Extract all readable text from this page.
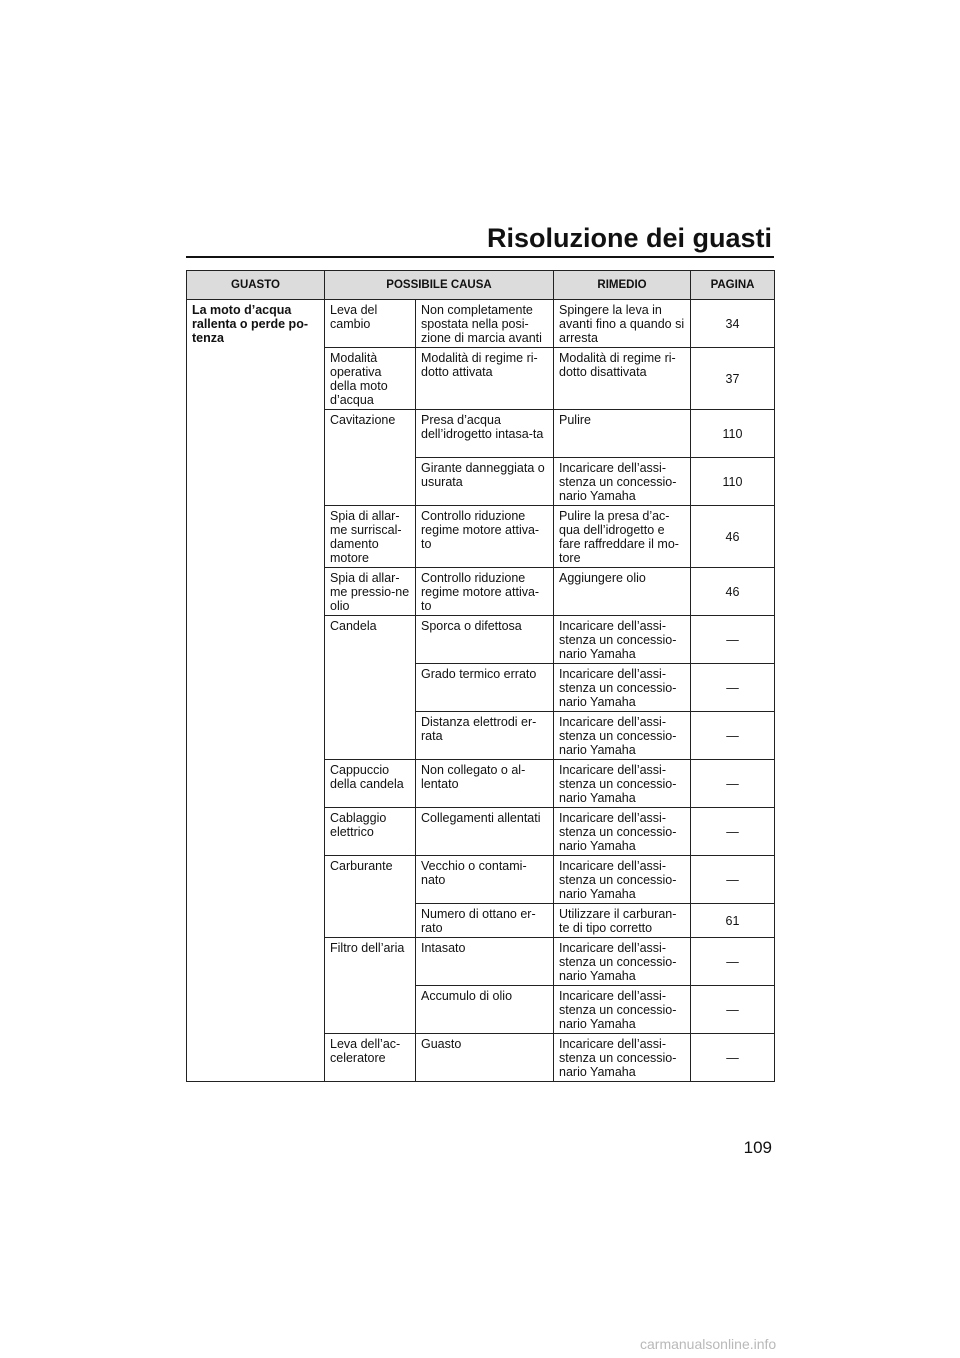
Risoluzione dei guasti
GUASTO	POSSIBILE CAUSA		RIMEDIO	PAGINA
La moto d’acqua rallenta o perde po-tenza	Leva del cambio	Non completamente spostata nella posi-zione di marcia avanti	Spingere la leva in avanti fino a quando si arresta	34
	Modalità operativa della moto d’acqua	Modalità di regime ri-dotto attivata	Modalità di regime ri-dotto disattivata	37
	Cavitazione	Presa d’acqua dell’idrogetto intasa-ta	Pulire	110
		Girante danneggiata o usurata	Incaricare dell’assi-stenza un concessio-nario Yamaha	110
	Spia di allar-me surriscal-damento motore	Controllo riduzione regime motore attiva-to	Pulire la presa d’ac-qua dell’idrogetto e fare raffreddare il mo-tore	46
	Spia di allar-me pressio-ne olio	Controllo riduzione regime motore attiva-to	Aggiungere olio	46
	Candela	Sporca o difettosa	Incaricare dell’assi-stenza un concessio-nario Yamaha	—
		Grado termico errato	Incaricare dell’assi-stenza un concessio-nario Yamaha	—
		Distanza elettrodi er-rata	Incaricare dell’assi-stenza un concessio-nario Yamaha	—
	Cappuccio della candela	Non collegato o al-lentato	Incaricare dell’assi-stenza un concessio-nario Yamaha	—
	Cablaggio elettrico	Collegamenti allentati	Incaricare dell’assi-stenza un concessio-nario Yamaha	—
	Carburante	Vecchio o contami-nato	Incaricare dell’assi-stenza un concessio-nario Yamaha	—
		Numero di ottano er-rato	Utilizzare il carburan-te di tipo corretto	61
	Filtro dell’aria	Intasato	Incaricare dell’assi-stenza un concessio-nario Yamaha	—
		Accumulo di olio	Incaricare dell’assi-stenza un concessio-nario Yamaha	—
	Leva dell’ac-celeratore	Guasto	Incaricare dell’assi-stenza un concessio-nario Yamaha	—
109
carmanualsonline.info
